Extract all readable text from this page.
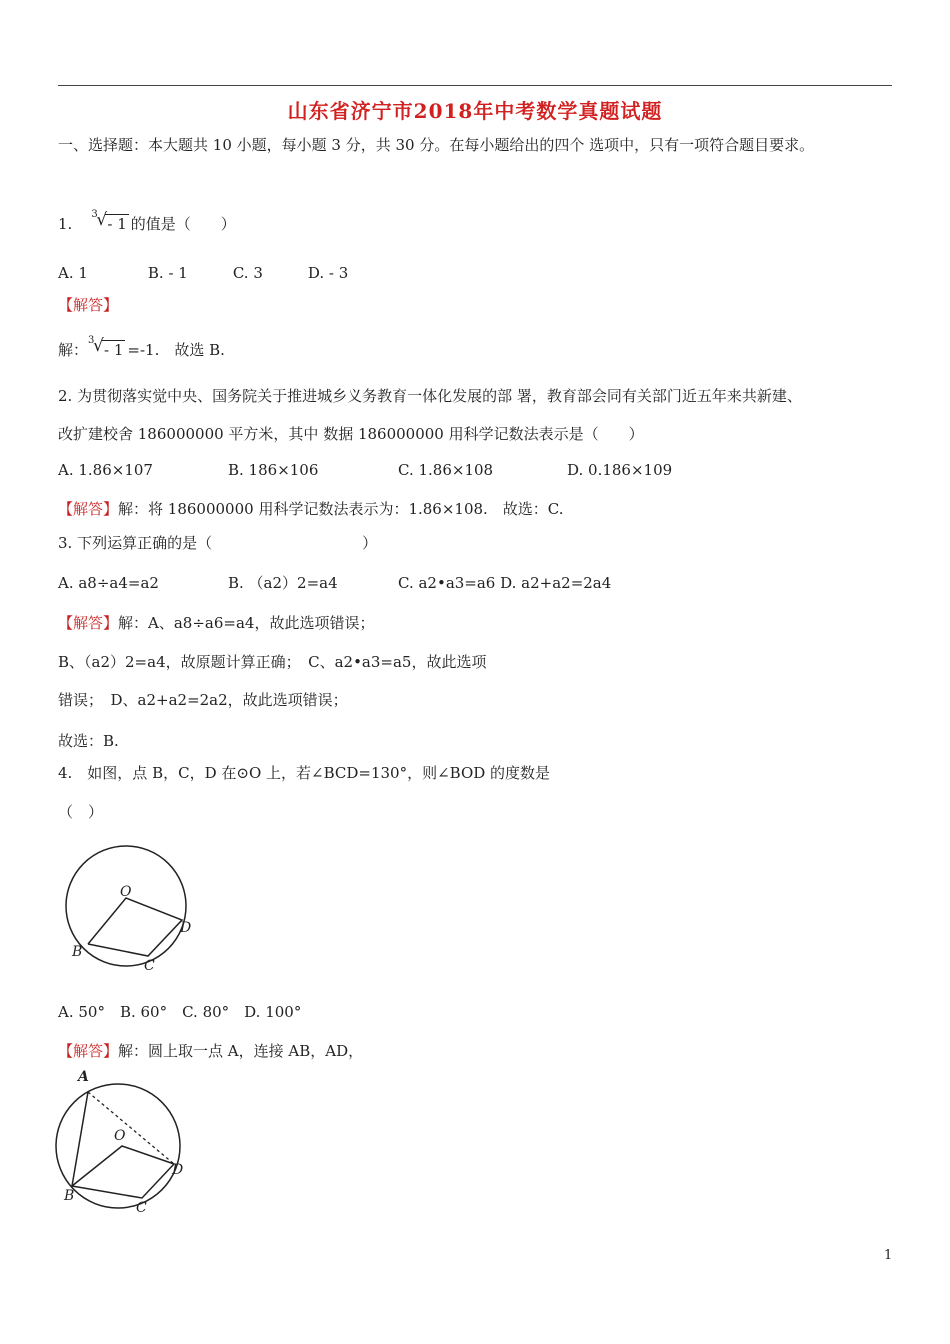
山东省济宁市2018年中考数学真题试题
一、选择题：本大题共 10 小题，每小题 3 分，共 30 分。在每小题给出的四个 选项中，只有一项符合题目要求。
1.
3
√ - 1 的值是（　　）
A. 1　　　　B. - 1　　　C. 3　　　D. - 3
【解答】
解：
3
√ - 1 =-1.　故选 B.
2. 为贯彻落实觉中央、国务院关于推进城乡义务教育一体化发展的部 署，教育部会同有关部门近五年来共新建、
改扩建校舍 186000000 平方米，其中 数据 186000000 用科学记数法表示是（　　）
A. 1.86×107	B. 186×106	C. 1.86×108	D. 0.186×109
【解答】解：将 186000000 用科学记数法表示为：1.86×108.　故选：C.
3. 下列运算正确的是（　　　　　　　　　　）
A. a8÷a4=a2	B. （a2）2=a4	C. a2•a3=a6 D. a2+a2=2a4
【解答】解：A、a8÷a6=a4，故此选项错误；
B、（a2）2=a4，故原题计算正确；　C、a2•a3=a5，故此选项
错误；　D、a2+a2=2a2，故此选项错误；
故选：B.
4.　如图，点 B，C，D 在⊙O 上，若∠BCD=130°，则∠BOD 的度数是
（　）
O
B
C
D
A. 50°　B. 60°　C. 80°　D. 100°
【解答】解：圆上取一点 A，连接 AB，AD，
A
O
B
C
D
1
